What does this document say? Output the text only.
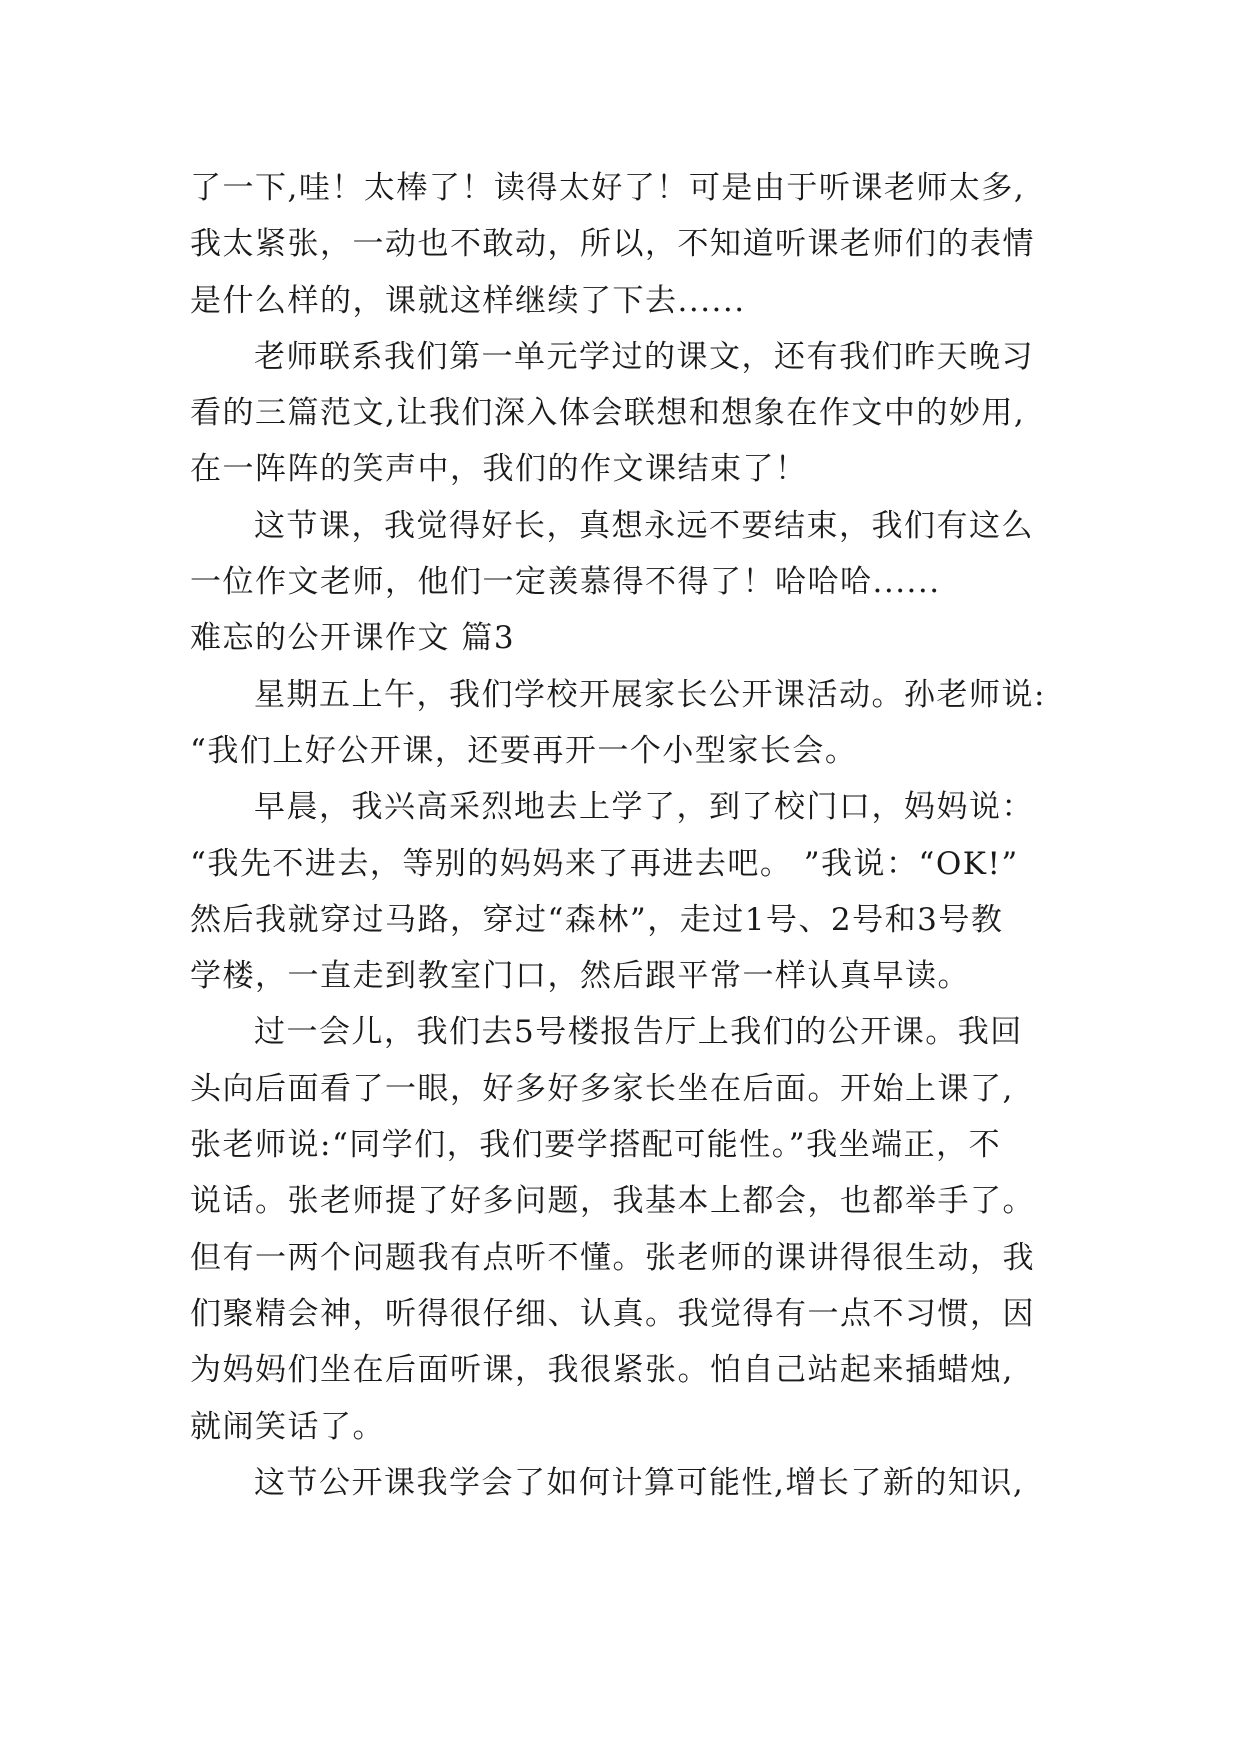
了一下,哇！太棒了！读得太好了！可是由于听课老师太多,
我太紧张，一动也不敢动，所以，不知道听课老师们的表情
是什么样的，课就这样继续了下去......
老师联系我们第一单元学过的课文，还有我们昨天晚习
看的三篇范文,让我们深入体会联想和想象在作文中的妙用,
在一阵阵的笑声中，我们的作文课结束了！
这节课，我觉得好长，真想永远不要结束，我们有这么
一位作文老师，他们一定羡慕得不得了！哈哈哈......
难忘的公开课作文 篇3
星期五上午，我们学校开展家长公开课活动。孙老师说:
“我们上好公开课，还要再开一个小型家长会。
早晨，我兴高采烈地去上学了，到了校门口，妈妈说：
“我先不进去，等别的妈妈来了再进去吧。 ”我说：“OK!”
然后我就穿过马路，穿过“森林”，走过1号、2号和3号教
学楼，一直走到教室门口，然后跟平常一样认真早读。
过一会儿，我们去5号楼报告厅上我们的公开课。我回
头向后面看了一眼，好多好多家长坐在后面。开始上课了,
张老师说:“同学们，我们要学搭配可能性。”我坐端正，不
说话。张老师提了好多问题，我基本上都会，也都举手了。
但有一两个问题我有点听不懂。张老师的课讲得很生动，我
们聚精会神，听得很仔细、认真。我觉得有一点不习惯，因
为妈妈们坐在后面听课，我很紧张。怕自己站起来插蜡烛,
就闹笑话了。
这节公开课我学会了如何计算可能性,增长了新的知识,
